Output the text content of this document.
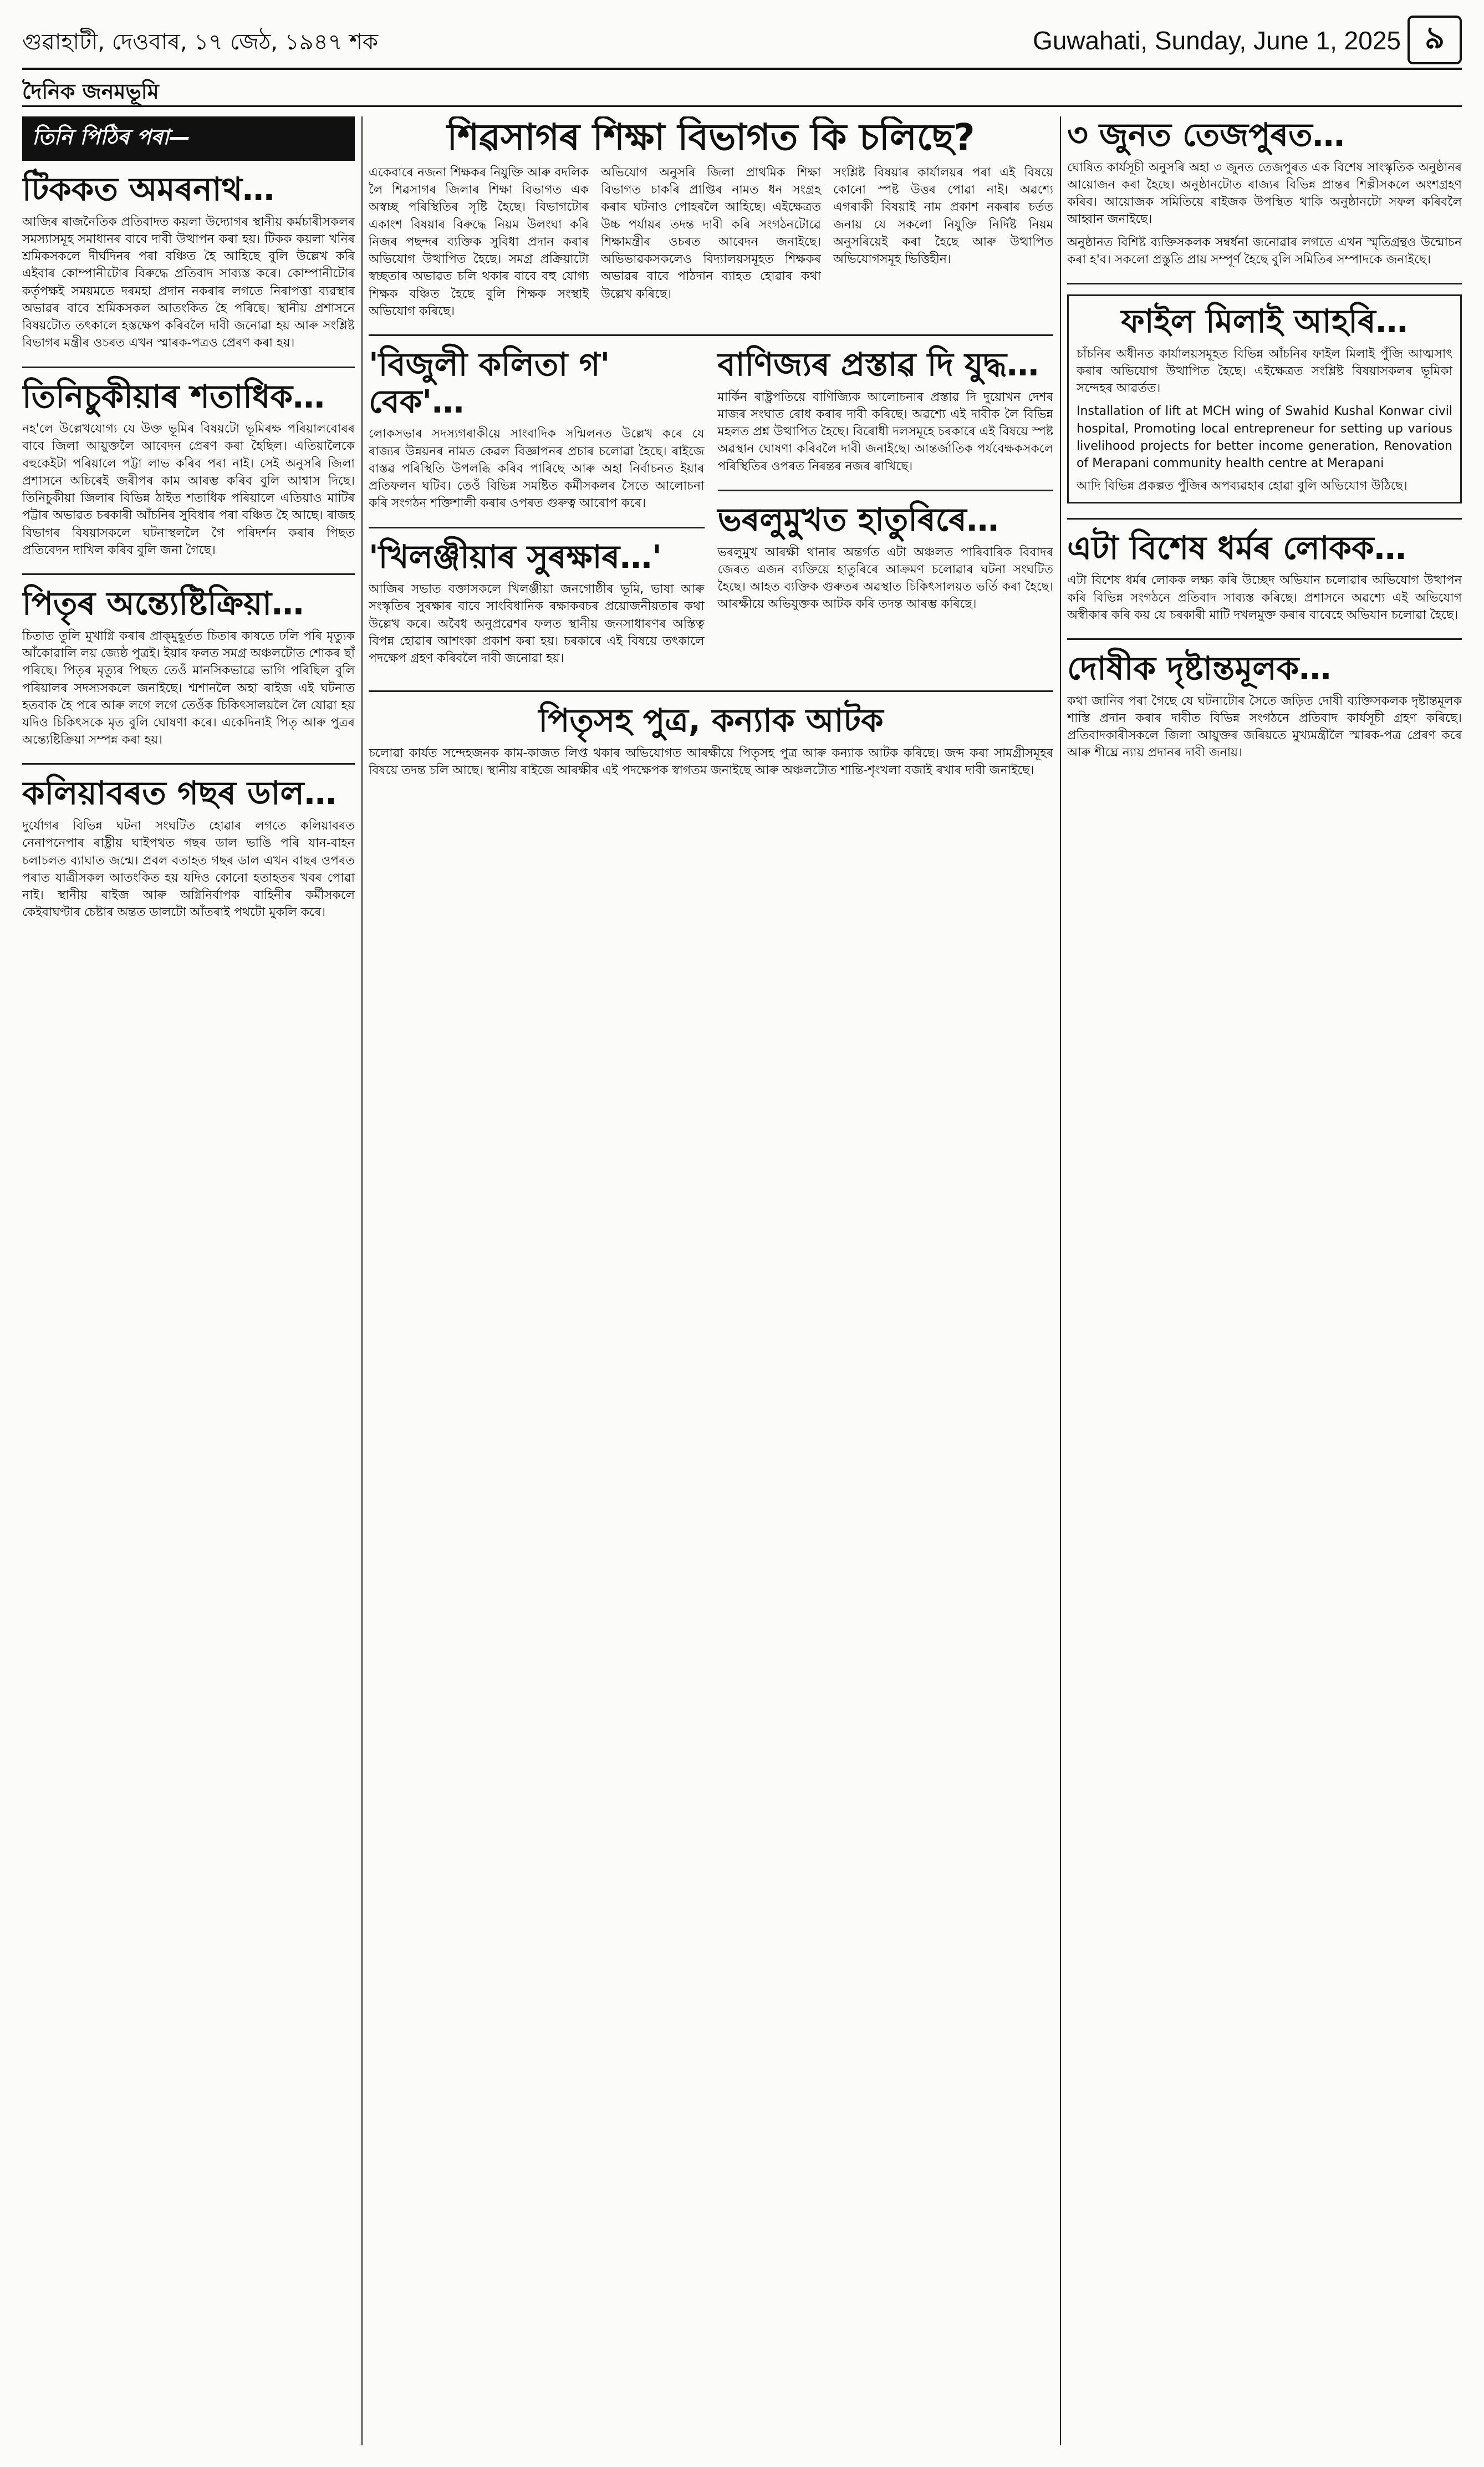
গুৱাহাটী, দেওবাৰ, ১৭ জেঠ, ১৯৪৭ শক	Guwahati, Sunday, June 1, 2025 ৯
দৈনিক জনমভূমি
তিনি পিঠিৰ পৰা—
টিককত অমৰনাথ…

আজিৰ ৰাজনৈতিক প্ৰতিবাদত কয়লা উদ্যোগৰ স্থানীয় কৰ্মচাৰীসকলৰ সমস্যাসমূহ সমাধানৰ বাবে দাবী উত্থাপন কৰা হয়। টিকক কয়লা খনিৰ শ্ৰমিকসকলে দীৰ্ঘদিনৰ পৰা বঞ্চিত হৈ আহিছে বুলি উল্লেখ কৰি এইবাৰ কোম্পানীটোৰ বিৰুদ্ধে প্ৰতিবাদ সাব্যস্ত কৰে। কোম্পানীটোৰ কৰ্তৃপক্ষই সময়মতে দৰমহা প্ৰদান নকৰাৰ লগতে নিৰাপত্তা ব্যৱস্থাৰ অভাৱৰ বাবে শ্ৰমিকসকল আতংকিত হৈ পৰিছে। স্থানীয় প্ৰশাসনে বিষয়টোত তৎকালে হস্তক্ষেপ কৰিবলৈ দাবী জনোৱা হয় আৰু সংশ্লিষ্ট বিভাগৰ মন্ত্ৰীৰ ওচৰত এখন স্মাৰক-পত্ৰও প্ৰেৰণ কৰা হয়।

তিনিচুকীয়াৰ শতাধিক…

নহ'লে উল্লেখযোগ্য যে উক্ত ভূমিৰ বিষয়টো ভূমিৰক্ষ পৰিয়ালবোৰৰ বাবে জিলা আয়ুক্তলৈ আবেদন প্ৰেৰণ কৰা হৈছিল। এতিয়ালৈকে বহুকেইটা পৰিয়ালে পট্টা লাভ কৰিব পৰা নাই। সেই অনুসৰি জিলা প্ৰশাসনে অচিৰেই জৰীপৰ কাম আৰম্ভ কৰিব বুলি আশ্বাস দিছে। তিনিচুকীয়া জিলাৰ বিভিন্ন ঠাইত শতাধিক পৰিয়ালে এতিয়াও মাটিৰ পট্টাৰ অভাৱত চৰকাৰী আঁচনিৰ সুবিধাৰ পৰা বঞ্চিত হৈ আছে। ৰাজহ বিভাগৰ বিষয়াসকলে ঘটনাস্থললৈ গৈ পৰিদৰ্শন কৰাৰ পিছত প্ৰতিবেদন দাখিল কৰিব বুলি জনা গৈছে।

পিতৃৰ অন্ত্যেষ্টিক্ৰিয়া…

চিতাত তুলি মুখাগ্নি কৰাৰ প্ৰাক্‌মুহূৰ্তত চিতাৰ কাষতে ঢলি পৰি মৃত্যুক আঁকোৱালি লয় জ্যেষ্ঠ পুত্ৰই। ইয়াৰ ফলত সমগ্ৰ অঞ্চলটোত শোকৰ ছাঁ পৰিছে। পিতৃৰ মৃত্যুৰ পিছত তেওঁ মানসিকভাৱে ভাগি পৰিছিল বুলি পৰিয়ালৰ সদস্যসকলে জনাইছে। শ্মশানলৈ অহা ৰাইজ এই ঘটনাত হতবাক হৈ পৰে আৰু লগে লগে তেওঁক চিকিৎসালয়লৈ লৈ যোৱা হয় যদিও চিকিৎসকে মৃত বুলি ঘোষণা কৰে। একেদিনাই পিতৃ আৰু পুত্ৰৰ অন্ত্যেষ্টিক্ৰিয়া সম্পন্ন কৰা হয়।

কলিয়াবৰত গছৰ ডাল…

দুৰ্যোগৰ বিভিন্ন ঘটনা সংঘটিত হোৱাৰ লগতে কলিয়াবৰত নেনাপনেপাৰ ৰাষ্ট্ৰীয় ঘাইপথত গছৰ ডাল ভাঙি পৰি যান-বাহন চলাচলত ব্যাঘাত জন্মে। প্ৰবল বতাহত গছৰ ডাল এখন বাছৰ ওপৰত পৰাত যাত্ৰীসকল আতংকিত হয় যদিও কোনো হতাহতৰ খবৰ পোৱা নাই। স্থানীয় ৰাইজ আৰু অগ্নিনিৰ্বাপক বাহিনীৰ কৰ্মীসকলে কেইবাঘণ্টাৰ চেষ্টাৰ অন্তত ডালটো আঁতৰাই পথটো মুকলি কৰে।

শিৱসাগৰ শিক্ষা বিভাগত কি চলিছে?

একেবাৰে নজনা শিক্ষকৰ নিযুক্তি আৰু বদলিক লৈ শিৱসাগৰ জিলাৰ শিক্ষা বিভাগত এক অস্বচ্ছ পৰিস্থিতিৰ সৃষ্টি হৈছে। বিভাগটোৰ একাংশ বিষয়াৰ বিৰুদ্ধে নিয়ম উলংঘা কৰি নিজৰ পছন্দৰ ব্যক্তিক সুবিধা প্ৰদান কৰাৰ অভিযোগ উত্থাপিত হৈছে। সমগ্ৰ প্ৰক্ৰিয়াটো স্বচ্ছতাৰ অভাৱত চলি থকাৰ বাবে বহু যোগ্য শিক্ষক বঞ্চিত হৈছে বুলি শিক্ষক সংস্থাই অভিযোগ কৰিছে।

অভিযোগ অনুসৰি জিলা প্ৰাথমিক শিক্ষা বিভাগত চাকৰি প্ৰাপ্তিৰ নামত ধন সংগ্ৰহ কৰাৰ ঘটনাও পোহৰলৈ আহিছে। এইক্ষেত্ৰত উচ্চ পৰ্যায়ৰ তদন্ত দাবী কৰি সংগঠনটোৱে শিক্ষামন্ত্ৰীৰ ওচৰত আবেদন জনাইছে। অভিভাৱকসকলেও বিদ্যালয়সমূহত শিক্ষকৰ অভাৱৰ বাবে পাঠদান ব্যাহত হোৱাৰ কথা উল্লেখ কৰিছে।

সংশ্লিষ্ট বিষয়াৰ কাৰ্যালয়ৰ পৰা এই বিষয়ে কোনো স্পষ্ট উত্তৰ পোৱা নাই। অৱশ্যে এগৰাকী বিষয়াই নাম প্ৰকাশ নকৰাৰ চৰ্তত জনায় যে সকলো নিযুক্তি নিৰ্দিষ্ট নিয়ম অনুসৰিয়েই কৰা হৈছে আৰু উত্থাপিত অভিযোগসমূহ ভিত্তিহীন।

'বিজুলী কলিতা গ' বেক'…

লোকসভাৰ সদস্যগৰাকীয়ে সাংবাদিক সন্মিলনত উল্লেখ কৰে যে ৰাজ্যৰ উন্নয়নৰ নামত কেৱল বিজ্ঞাপনৰ প্ৰচাৰ চলোৱা হৈছে। ৰাইজে বাস্তৱ পৰিস্থিতি উপলব্ধি কৰিব পাৰিছে আৰু অহা নিৰ্বাচনত ইয়াৰ প্ৰতিফলন ঘটিব। তেওঁ বিভিন্ন সমষ্টিত কৰ্মীসকলৰ সৈতে আলোচনা কৰি সংগঠন শক্তিশালী কৰাৰ ওপৰত গুৰুত্ব আৰোপ কৰে।

'খিলঞ্জীয়াৰ সুৰক্ষাৰ…'

আজিৰ সভাত বক্তাসকলে খিলঞ্জীয়া জনগোষ্ঠীৰ ভূমি, ভাষা আৰু সংস্কৃতিৰ সুৰক্ষাৰ বাবে সাংবিধানিক ৰক্ষাকবচৰ প্ৰয়োজনীয়তাৰ কথা উল্লেখ কৰে। অবৈধ অনুপ্ৰৱেশৰ ফলত স্থানীয় জনসাধাৰণৰ অস্তিত্ব বিপন্ন হোৱাৰ আশংকা প্ৰকাশ কৰা হয়। চৰকাৰে এই বিষয়ে তৎকালে পদক্ষেপ গ্ৰহণ কৰিবলৈ দাবী জনোৱা হয়।

বাণিজ্যৰ প্ৰস্তাৱ দি যুদ্ধ…

মাৰ্কিন ৰাষ্ট্ৰপতিয়ে বাণিজ্যিক আলোচনাৰ প্ৰস্তাৱ দি দুয়োখন দেশৰ মাজৰ সংঘাত ৰোধ কৰাৰ দাবী কৰিছে। অৱশ্যে এই দাবীক লৈ বিভিন্ন মহলত প্ৰশ্ন উত্থাপিত হৈছে। বিৰোধী দলসমূহে চৰকাৰে এই বিষয়ে স্পষ্ট অৱস্থান ঘোষণা কৰিবলৈ দাবী জনাইছে। আন্তৰ্জাতিক পৰ্যবেক্ষকসকলে পৰিস্থিতিৰ ওপৰত নিৰন্তৰ নজৰ ৰাখিছে।

ভৰলুমুখত হাতুৰিৰে…

ভৰলুমুখ আৰক্ষী থানাৰ অন্তৰ্গত এটা অঞ্চলত পাৰিবাৰিক বিবাদৰ জেৰত এজন ব্যক্তিয়ে হাতুৰিৰে আক্ৰমণ চলোৱাৰ ঘটনা সংঘটিত হৈছে। আহত ব্যক্তিক গুৰুতৰ অৱস্থাত চিকিৎসালয়ত ভৰ্তি কৰা হৈছে। আৰক্ষীয়ে অভিযুক্তক আটক কৰি তদন্ত আৰম্ভ কৰিছে।

পিতৃসহ পুত্ৰ, কন্যাক আটক

চলোৱা কাৰ্যত সন্দেহজনক কাম-কাজত লিপ্ত থকাৰ অভিযোগত আৰক্ষীয়ে পিতৃসহ পুত্ৰ আৰু কন্যাক আটক কৰিছে। জব্দ কৰা সামগ্ৰীসমূহৰ বিষয়ে তদন্ত চলি আছে। স্থানীয় ৰাইজে আৰক্ষীৰ এই পদক্ষেপক স্বাগতম জনাইছে আৰু অঞ্চলটোত শান্তি-শৃংখলা বজাই ৰখাৰ দাবী জনাইছে।

৩ জুনত তেজপুৰত…

ঘোষিত কাৰ্যসূচী অনুসৰি অহা ৩ জুনত তেজপুৰত এক বিশেষ সাংস্কৃতিক অনুষ্ঠানৰ আয়োজন কৰা হৈছে। অনুষ্ঠানটোত ৰাজ্যৰ বিভিন্ন প্ৰান্তৰ শিল্পীসকলে অংশগ্ৰহণ কৰিব। আয়োজক সমিতিয়ে ৰাইজক উপস্থিত থাকি অনুষ্ঠানটো সফল কৰিবলৈ আহ্বান জনাইছে।

অনুষ্ঠানত বিশিষ্ট ব্যক্তিসকলক সম্বৰ্ধনা জনোৱাৰ লগতে এখন স্মৃতিগ্ৰন্থও উন্মোচন কৰা হ'ব। সকলো প্ৰস্তুতি প্ৰায় সম্পূৰ্ণ হৈছে বুলি সমিতিৰ সম্পাদকে জনাইছে।

ফাইল মিলাই আহৰি…

চাঁচনিৰ অধীনত কাৰ্যালয়সমূহত বিভিন্ন আঁচনিৰ ফাইল মিলাই পুঁজি আত্মসাৎ কৰাৰ অভিযোগ উত্থাপিত হৈছে। এইক্ষেত্ৰত সংশ্লিষ্ট বিষয়াসকলৰ ভূমিকা সন্দেহৰ আৱৰ্তত।

Installation of lift at MCH wing of Swahid Kushal Konwar civil hospital, Promoting local entrepreneur for setting up various livelihood projects for better income generation, Renovation of Merapani community health centre at Merapani

আদি বিভিন্ন প্ৰকল্পত পুঁজিৰ অপব্যৱহাৰ হোৱা বুলি অভিযোগ উঠিছে।

এটা বিশেষ ধৰ্মৰ লোকক…

এটা বিশেষ ধৰ্মৰ লোকক লক্ষ্য কৰি উচ্ছেদ অভিযান চলোৱাৰ অভিযোগ উত্থাপন কৰি বিভিন্ন সংগঠনে প্ৰতিবাদ সাব্যস্ত কৰিছে। প্ৰশাসনে অৱশ্যে এই অভিযোগ অস্বীকাৰ কৰি কয় যে চৰকাৰী মাটি দখলমুক্ত কৰাৰ বাবেহে অভিযান চলোৱা হৈছে।

দোষীক দৃষ্টান্তমূলক…

কথা জানিব পৰা গৈছে যে ঘটনাটোৰ সৈতে জড়িত দোষী ব্যক্তিসকলক দৃষ্টান্তমূলক শাস্তি প্ৰদান কৰাৰ দাবীত বিভিন্ন সংগঠনে প্ৰতিবাদ কাৰ্যসূচী গ্ৰহণ কৰিছে। প্ৰতিবাদকাৰীসকলে জিলা আয়ুক্তৰ জৰিয়তে মুখ্যমন্ত্ৰীলৈ স্মাৰক-পত্ৰ প্ৰেৰণ কৰে আৰু শীঘ্ৰে ন্যায় প্ৰদানৰ দাবী জনায়।
